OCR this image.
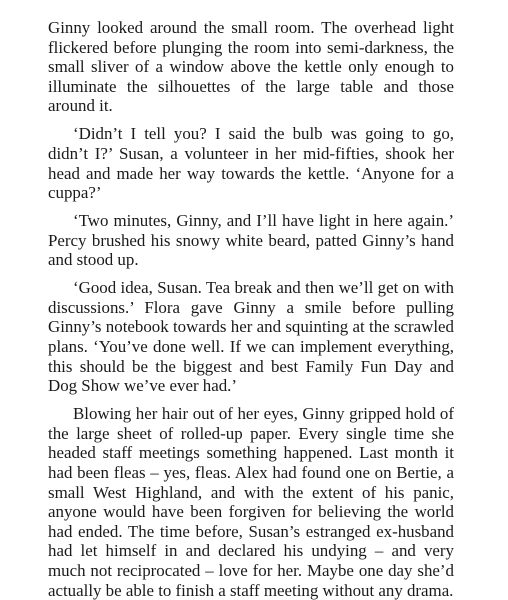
Ginny looked around the small room. The overhead light flickered before plunging the room into semi-darkness, the small sliver of a window above the kettle only enough to illuminate the silhouettes of the large table and those around it.

‘Didn’t I tell you? I said the bulb was going to go, didn’t I?’ Susan, a volunteer in her mid-fifties, shook her head and made her way towards the kettle. ‘Anyone for a cuppa?’

‘Two minutes, Ginny, and I’ll have light in here again.’ Percy brushed his snowy white beard, patted Ginny’s hand and stood up.

‘Good idea, Susan. Tea break and then we’ll get on with discussions.’ Flora gave Ginny a smile before pulling Ginny’s notebook towards her and squinting at the scrawled plans. ‘You’ve done well. If we can implement everything, this should be the biggest and best Family Fun Day and Dog Show we’ve ever had.’

Blowing her hair out of her eyes, Ginny gripped hold of the large sheet of rolled-up paper. Every single time she headed staff meetings something happened. Last month it had been fleas – yes, fleas. Alex had found one on Bertie, a small West Highland, and with the extent of his panic, anyone would have been forgiven for believing the world had ended. The time before, Susan’s estranged ex-husband had let himself in and declared his undying – and very much not reciprocated – love for her. Maybe one day she’d actually be able to finish a staff meeting without any drama.
